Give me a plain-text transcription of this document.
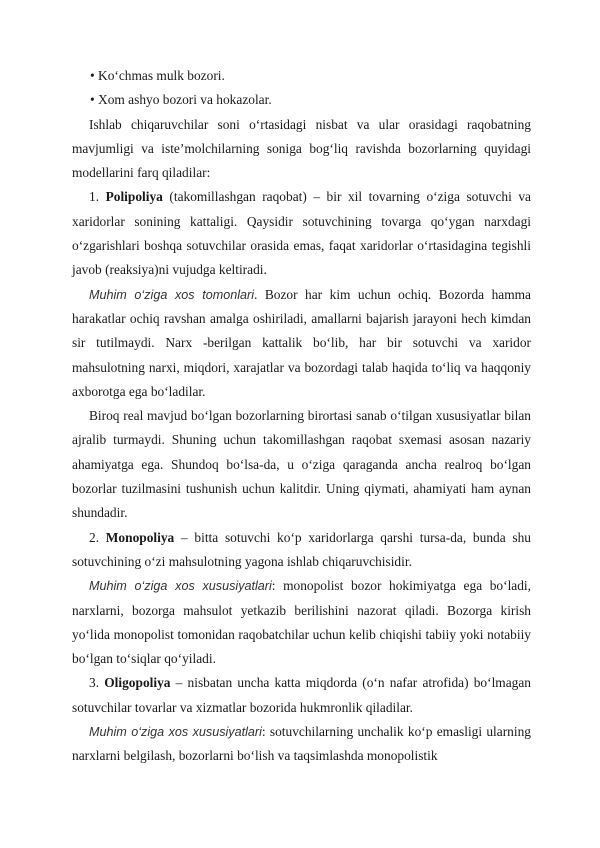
• Ko‘chmas mulk bozori.

• Xom ashyo bozori va hokazolar.

Ishlab chiqaruvchilar soni o‘rtasidagi nisbat va ular orasidagi raqobatning mavjumligi va iste’molchilarning soniga bog‘liq ravishda bozorlarning quyidagi modellarini farq qiladilar:

1. Polipoliya (takomillashgan raqobat) – bir xil tovarning o‘ziga sotuvchi va xaridorlar sonining kattaligi. Qaysidir sotuvchining tovarga qo‘ygan narxdagi o‘zgarishlari boshqa sotuvchilar orasida emas, faqat xaridorlar o‘rtasidagina tegishli javob (reaksiya)ni vujudga keltiradi.

Muhim o‘ziga xos tomonlari. Bozor har kim uchun ochiq. Bozorda hamma harakatlar ochiq ravshan amalga oshiriladi, amallarni bajarish jarayoni hech kimdan sir tutilmaydi. Narx -berilgan kattalik bo‘lib, har bir sotuvchi va xaridor mahsulotning narxi, miqdori, xarajatlar va bozordagi talab haqida to‘liq va haqqoniy axborotga ega bo‘ladilar.

Biroq real mavjud bo‘lgan bozorlarning birortasi sanab o‘tilgan xususiyatlar bilan ajralib turmaydi. Shuning uchun takomillashgan raqobat sxemasi asosan nazariy ahamiyatga ega. Shundoq bo‘lsa-da, u o‘ziga qaraganda ancha realroq bo‘lgan bozorlar tuzilmasini tushunish uchun kalitdir. Uning qiymati, ahamiyati ham aynan shundadir.

2. Monopoliya – bitta sotuvchi ko‘p xaridorlarga qarshi tursa-da, bunda shu sotuvchining o‘zi mahsulotning yagona ishlab chiqaruvchisidir.

Muhim o‘ziga xos xususiyatlari: monopolist bozor hokimiyatga ega bo‘ladi, narxlarni, bozorga mahsulot yetkazib berilishini nazorat qiladi. Bozorga kirish yo‘lida monopolist tomonidan raqobatchilar uchun kelib chiqishi tabiiy yoki notabiiy bo‘lgan to‘siqlar qo‘yiladi.

3. Oligopoliya – nisbatan uncha katta miqdorda (o‘n nafar atrofida) bo‘lmagan sotuvchilar tovarlar va xizmatlar bozorida hukmronlik qiladilar.

Muhim o‘ziga xos xususiyatlari: sotuvchilarning unchalik ko‘p emasligi ularning narxlarni belgilash, bozorlarni bo‘lish va taqsimlashda monopolistik
